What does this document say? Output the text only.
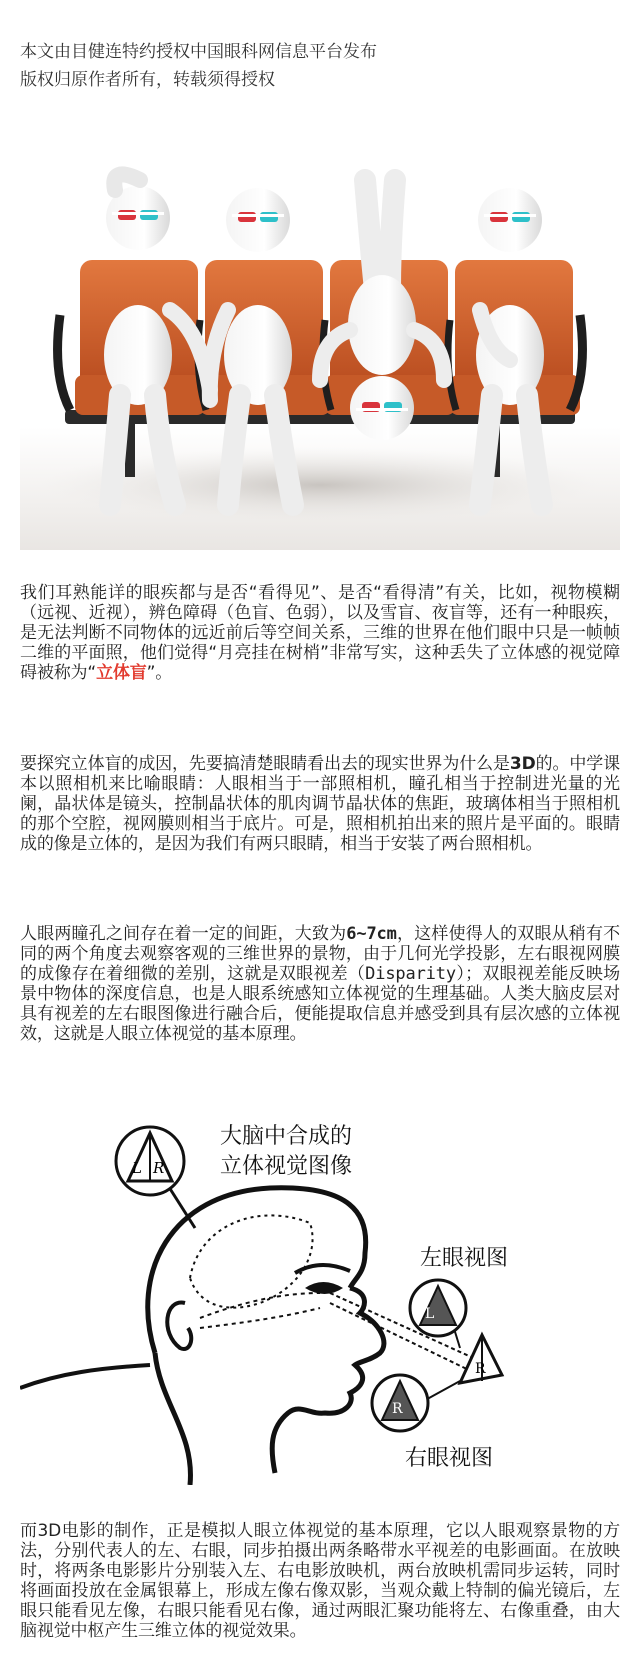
本文由目健连特约授权中国眼科网信息平台发布
版权归原作者所有，转载须得授权
我们耳熟能详的眼疾都与是否“看得见”、是否“看得清”有关，比如，视物模糊（远视、近视），辨色障碍（色盲、色弱），以及雪盲、夜盲等，还有一种眼疾，是无法判断不同物体的远近前后等空间关系，三维的世界在他们眼中只是一帧帧二维的平面照，他们觉得“月亮挂在树梢”非常写实，这种丢失了立体感的视觉障碍被称为“立体盲”。
要探究立体盲的成因，先要搞清楚眼睛看出去的现实世界为什么是3D的。中学课本以照相机来比喻眼睛：人眼相当于一部照相机，瞳孔相当于控制进光量的光阑，晶状体是镜头，控制晶状体的肌肉调节晶状体的焦距，玻璃体相当于照相机的那个空腔，视网膜则相当于底片。可是，照相机拍出来的照片是平面的。眼睛成的像是立体的，是因为我们有两只眼睛，相当于安装了两台照相机。
人眼两瞳孔之间存在着一定的间距，大致为6~7cm，这样使得人的双眼从稍有不同的两个角度去观察客观的三维世界的景物，由于几何光学投影，左右眼视网膜的成像存在着细微的差别，这就是双眼视差（Disparity）；双眼视差能反映场景中物体的深度信息，也是人眼系统感知立体视觉的生理基础。人类大脑皮层对具有视差的左右眼图像进行融合后，便能提取信息并感受到具有层次感的立体视效，这就是人眼立体视觉的基本原理。
L R
大脑中合成的
立体视觉图像
L
左眼视图
R
R
右眼视图
而3D电影的制作，正是模拟人眼立体视觉的基本原理，它以人眼观察景物的方法，分别代表人的左、右眼，同步拍摄出两条略带水平视差的电影画面。在放映时，将两条电影影片分别装入左、右电影放映机，两台放映机需同步运转，同时将画面投放在金属银幕上，形成左像右像双影，当观众戴上特制的偏光镜后，左眼只能看见左像，右眼只能看见右像，通过两眼汇聚功能将左、右像重叠，由大脑视觉中枢产生三维立体的视觉效果。
